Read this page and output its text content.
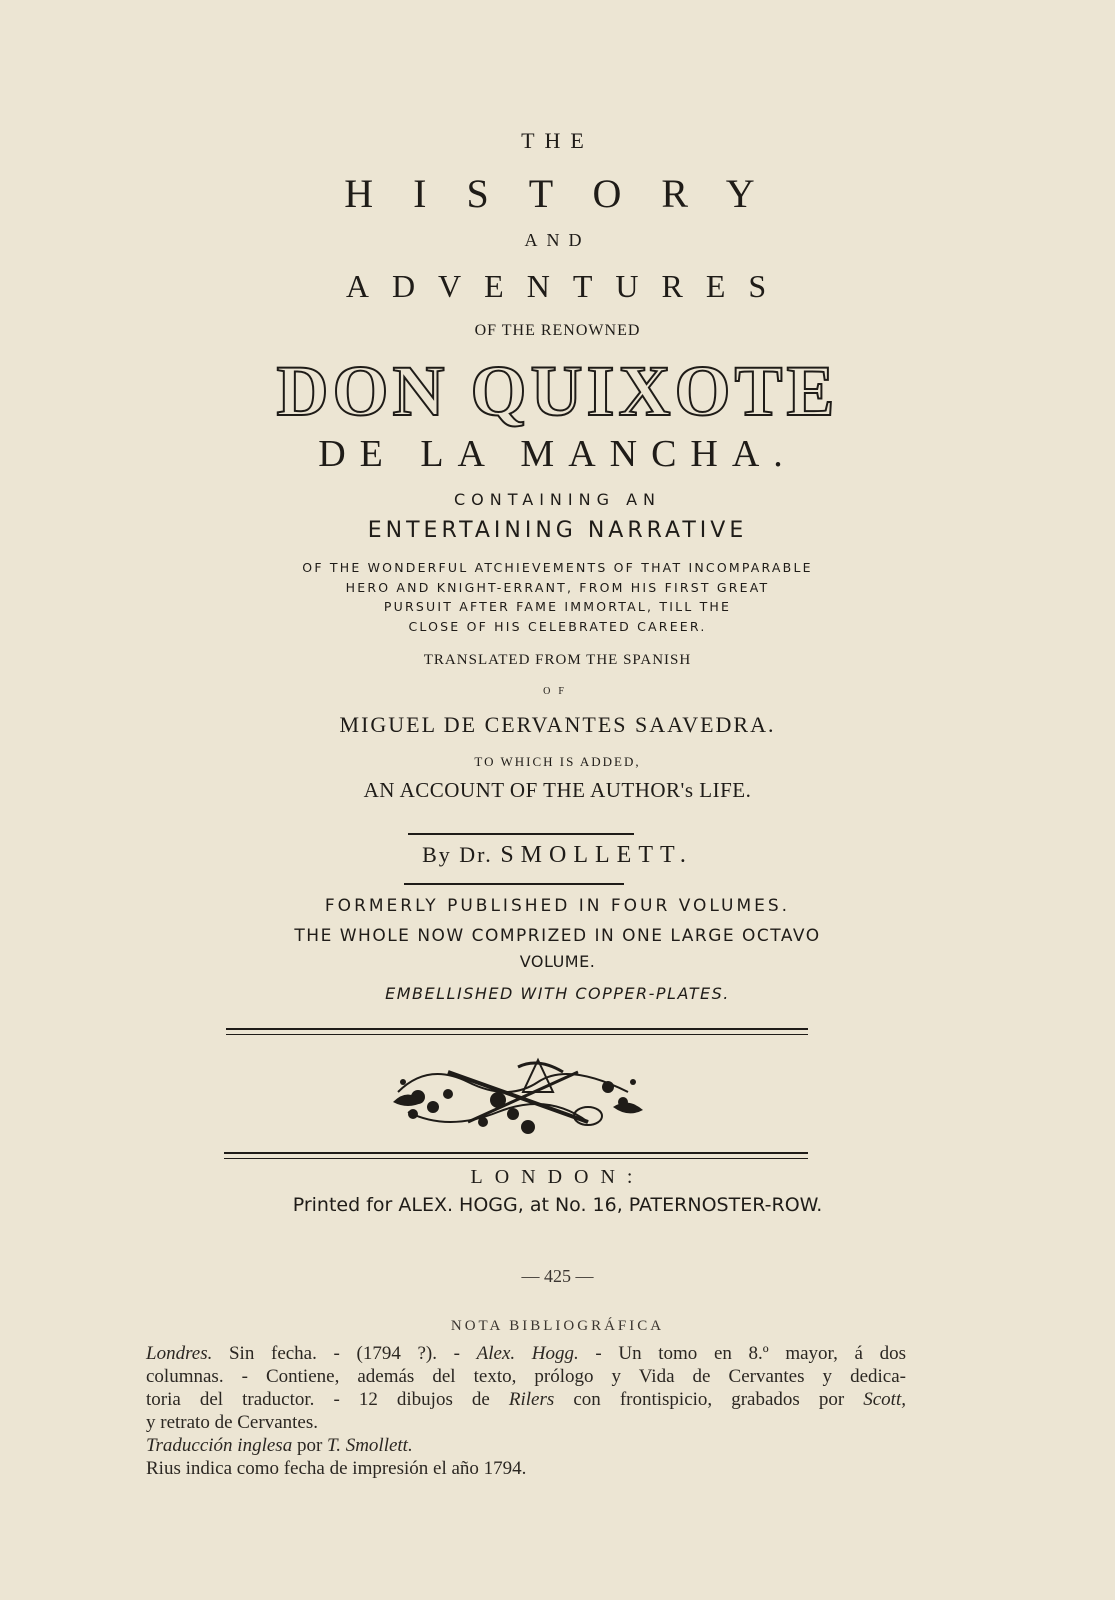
THE

HISTORY

AND

ADVENTURES

OF THE RENOWNED

DON QUIXOTE

DE LA MANCHA.

CONTAINING AN

ENTERTAINING NARRATIVE

OF THE WONDERFUL ATCHIEVEMENTS OF THAT INCOMPARABLE

HERO AND KNIGHT-ERRANT, FROM HIS FIRST GREAT

PURSUIT AFTER FAME IMMORTAL, TILL THE

CLOSE OF HIS CELEBRATED CAREER.

TRANSLATED FROM THE SPANISH

OF

MIGUEL DE CERVANTES SAAVEDRA.

TO WHICH IS ADDED,

AN ACCOUNT OF THE AUTHOR's LIFE.

By Dr. SMOLLETT.

FORMERLY PUBLISHED IN FOUR VOLUMES.

THE WHOLE NOW COMPRIZED IN ONE LARGE OCTAVO

VOLUME.

EMBELLISHED WITH COPPER-PLATES.

LONDON:

Printed for ALEX. HOGG, at No. 16, PATERNOSTER-ROW.

— 425 —

NOTA BIBLIOGRÁFICA

Londres. Sin fecha. - (1794 ?). - Alex. Hogg. - Un tomo en 8.º mayor, á dos
columnas. - Contiene, además del texto, prólogo y Vida de Cervantes y dedica-
toria del traductor. - 12 dibujos de Rilers con frontispicio, grabados por Scott,
y retrato de Cervantes.
Traducción inglesa por T. Smollett.
Rius indica como fecha de impresión el año 1794.
